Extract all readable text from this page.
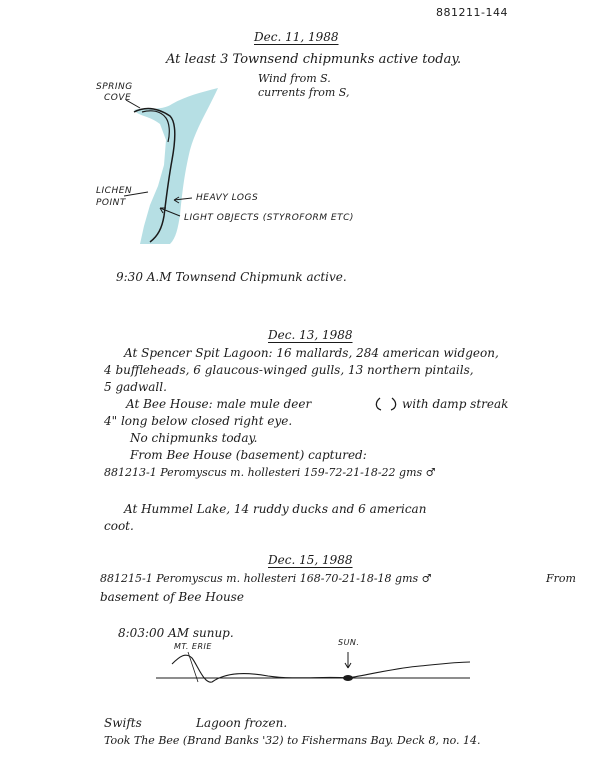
881211-144
Dec. 11, 1988
At least 3 Townsend chipmunks active today.
SPRING
COVE
Wind from S.
currents from S,
LICHEN
POINT	HEAVY LOGS
LIGHT OBJECTS (STYROFORM ETC)
9:30 A.M Townsend Chipmunk active.
Dec. 13, 1988
At Spencer Spit Lagoon: 16 mallards, 284 american widgeon,
4 buffleheads, 6 glaucous-winged gulls, 13 northern pintails,
5 gadwall.
At Bee House: male mule deer	with damp streak
4" long below closed right eye.
No chipmunks today.
From Bee House (basement) captured:
881213-1 Peromyscus m. hollesteri 159-72-21-18-22 gms ♂
At Hummel Lake, 14 ruddy ducks and 6 american
coot.
Dec. 15, 1988
881215-1 Peromyscus m. hollesteri 168-70-21-18-18 gms ♂	From
basement of Bee House
8:03:00 AM sunup.
MT. ERIE	SUN.
Swifts	Lagoon frozen.
Took The Bee (Brand Banks '32) to Fishermans Bay. Deck 8, no. 14.
